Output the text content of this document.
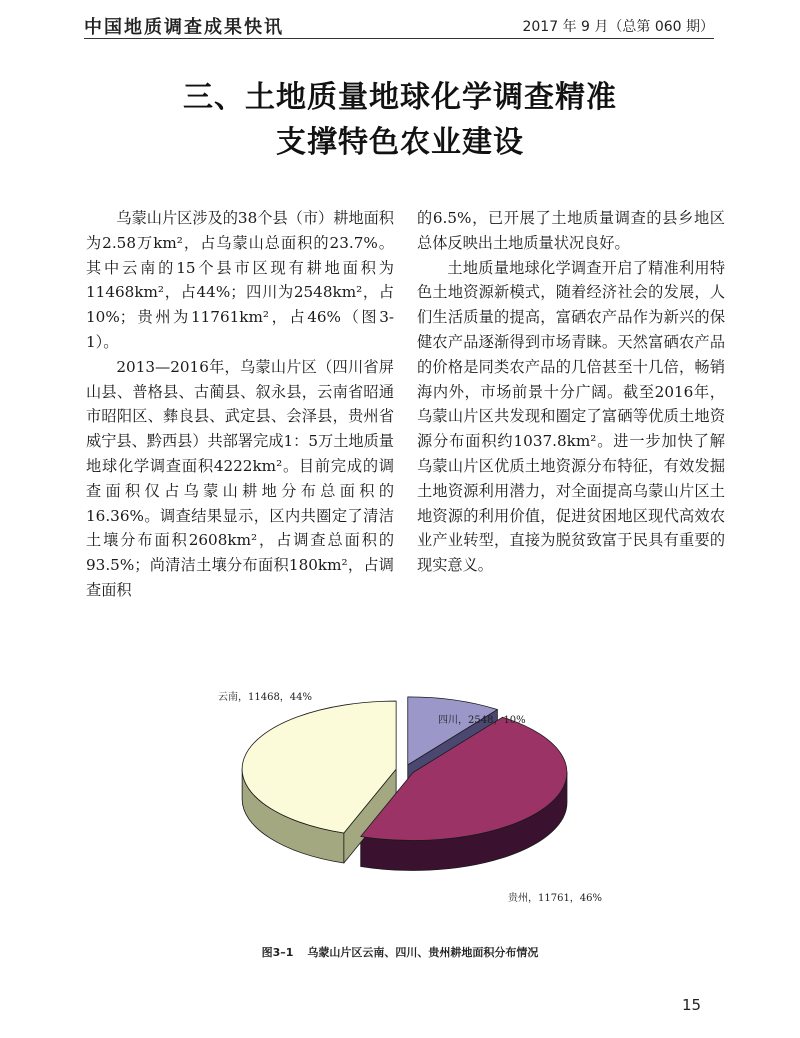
中国地质调查成果快讯	2017 年 9 月（总第 060 期）
三、土地质量地球化学调查精准
支撑特色农业建设

乌蒙山片区涉及的38个县（市）耕地面积为2.58万km²，占乌蒙山总面积的23.7%。其中云南的15个县市区现有耕地面积为11468km²，占44%；四川为2548km²，占10%；贵州为11761km²，占46%（图3-1）。

2013—2016年，乌蒙山片区（四川省屏山县、普格县、古蔺县、叙永县，云南省昭通市昭阳区、彝良县、武定县、会泽县，贵州省威宁县、黔西县）共部署完成1：5万土地质量地球化学调查面积4222km²。目前完成的调查面积仅占乌蒙山耕地分布总面积的16.36%。调查结果显示，区内共圈定了清洁土壤分布面积2608km²，占调查总面积的93.5%；尚清洁土壤分布面积180km²，占调查面积

的6.5%，已开展了土地质量调查的县乡地区总体反映出土地质量状况良好。

土地质量地球化学调查开启了精准利用特色土地资源新模式，随着经济社会的发展，人们生活质量的提高，富硒农产品作为新兴的保健农产品逐渐得到市场青睐。天然富硒农产品的价格是同类农产品的几倍甚至十几倍，畅销海内外，市场前景十分广阔。截至2016年，乌蒙山片区共发现和圈定了富硒等优质土地资源分布面积约1037.8km²。进一步加快了解乌蒙山片区优质土地资源分布特征，有效发掘土地资源利用潜力，对全面提高乌蒙山片区土地资源的利用价值，促进贫困地区现代高效农业产业转型，直接为脱贫致富于民具有重要的现实意义。

云南，11468，44%
四川，2548，10%
贵州，11761，46%
图3–1 乌蒙山片区云南、四川、贵州耕地面积分布情况
15
